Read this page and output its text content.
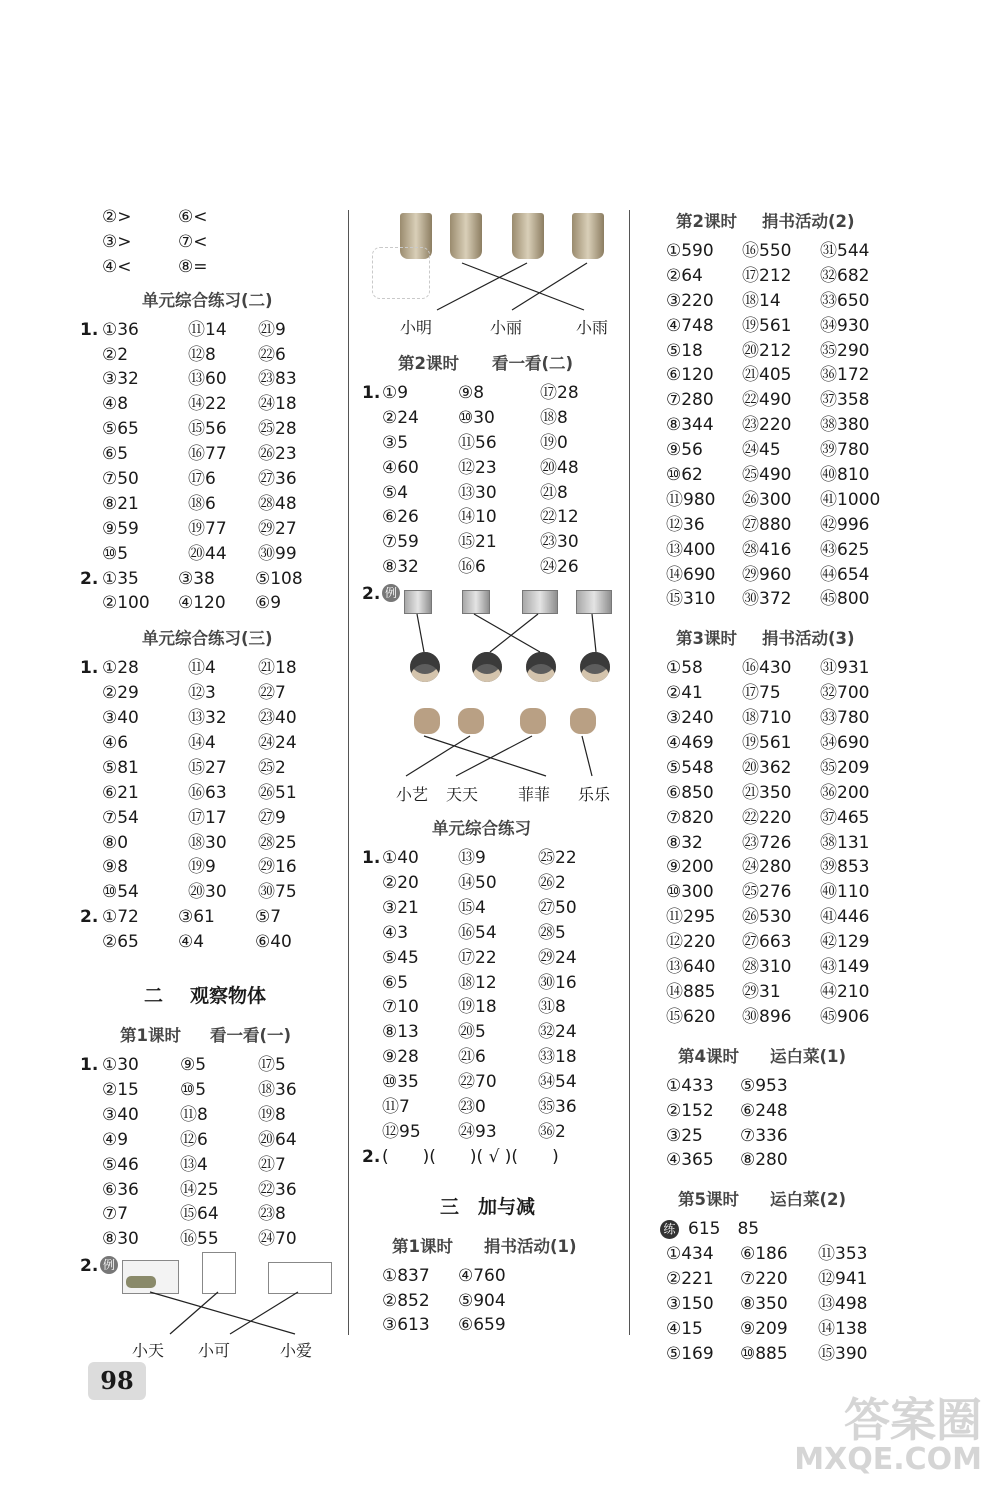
②>	⑥<
③>	⑦<
④<	⑧=
单元综合练习(二)
1. ①36	⑪14 ㉑9
②2	⑫8 ㉒6
③32	⑬60 ㉓83
④8	⑭22 ㉔18
⑤65	⑮56 ㉕28
⑥5	⑯77 ㉖23
⑦50	⑰6 ㉗36
⑧21	⑱6 ㉘48
⑨59	⑲77 ㉙27
⑩5	⑳44 ㉚99
2. ①35 ③38 ⑤108
②100 ④120 ⑥9
单元综合练习(三)
1. ①28	⑪4 ㉑18
②29	⑫3 ㉒7
③40	⑬32 ㉓40
④6	⑭4 ㉔24
⑤81	⑮27 ㉕2
⑥21	⑯63 ㉖51
⑦54	⑰17 ㉗9
⑧0	⑱30 ㉘25
⑨8	⑲9 ㉙16
⑩54	⑳30 ㉚75
2. ①72 ③61 ⑤7
②65 ④4	⑥40
二 观察物体
第1课时 看一看(一)
1. ①30 ⑨5	⑰5
②15 ⑩5	⑱36
③40 ⑪8	⑲8
④9	⑫6	⑳64
⑤46 ⑬4	㉑7
⑥36 ⑭25 ㉒36
⑦7	⑮64 ㉓8
⑧30 ⑯55 ㉔70
2. 例
小天 小可	小爱
小明	小丽	小雨
第2课时 看一看(二)
1. ①9	⑨8	⑰28
②24 ⑩30	⑱8
③5	⑪56	⑲0
④60 ⑫23	⑳48
⑤4	⑬30	㉑8
⑥26 ⑭10	㉒12
⑦59 ⑮21	㉓30
⑧32 ⑯6	㉔26
2. 例
小艺 天天 菲菲 乐乐
单元综合练习
1. ①40 ⑬9	㉕22
②20 ⑭50 ㉖2
③21 ⑮4	㉗50
④3	⑯54 ㉘5
⑤45 ⑰22 ㉙24
⑥5	⑱12 ㉚16
⑦10 ⑲18 ㉛8
⑧13 ⑳5	㉜24
⑨28 ㉑6	㉝18
⑩35 ㉒70 ㉞54
⑪7	㉓0	㉟36
⑫95 ㉔93 ㊱2
2. (　　)(　　)( √ )(　　)
三 加与减
第1课时 捐书活动(1)
①837 ④760
②852 ⑤904
③613 ⑥659
第2课时 捐书活动(2)
①590 ⑯550 ㉛544
②64 ⑰212 ㉜682
③220 ⑱14 ㉝650
④748 ⑲561 ㉞930
⑤18 ⑳212 ㉟290
⑥120 ㉑405 ㊱172
⑦280 ㉒490 ㊲358
⑧344 ㉓220 ㊳380
⑨56 ㉔45 ㊴780
⑩62 ㉕490 ㊵810
⑪980 ㉖300 ㊶1000
⑫36 ㉗880 ㊷996
⑬400 ㉘416 ㊸625
⑭690 ㉙960 ㊹654
⑮310 ㉚372 ㊺800
第3课时 捐书活动(3)
①58 ⑯430 ㉛931
②41 ⑰75 ㉜700
③240 ⑱710 ㉝780
④469 ⑲561 ㉞690
⑤548 ⑳362 ㉟209
⑥850 ㉑350 ㊱200
⑦820 ㉒220 ㊲465
⑧32 ㉓726 ㊳131
⑨200 ㉔280 ㊴853
⑩300 ㉕276 ㊵110
⑪295 ㉖530 ㊶446
⑫220 ㉗663 ㊷129
⑬640 ㉘310 ㊸149
⑭885 ㉙31 ㊹210
⑮620 ㉚896 ㊺906
第4课时 运白菜(1)
①433 ⑤953
②152 ⑥248
③25 ⑦336
④365 ⑧280
第5课时 运白菜(2)
练 615　85
①434 ⑥186 ⑪353
②221 ⑦220 ⑫941
③150 ⑧350 ⑬498
④15 ⑨209 ⑭138
⑤169 ⑩885 ⑮390
98
答案圈
MXQE.COM
